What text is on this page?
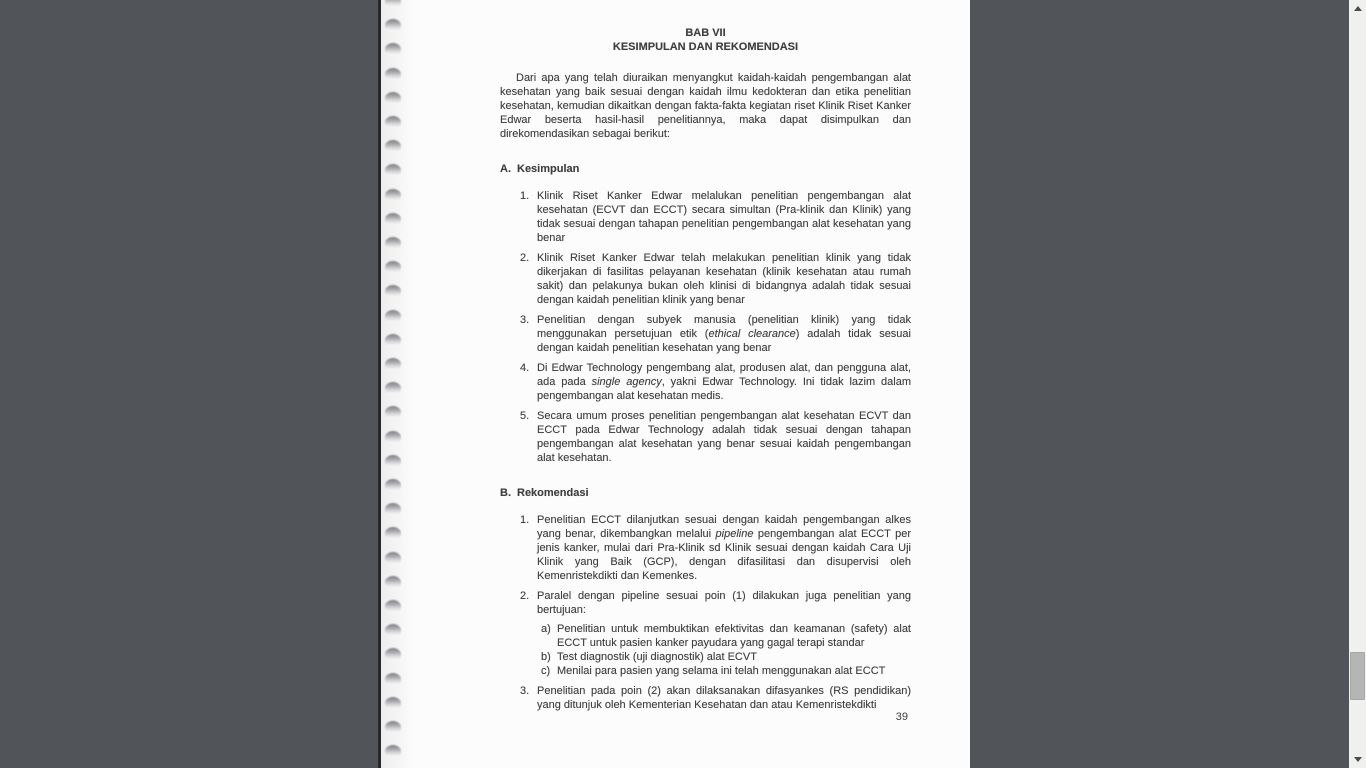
BAB VII
KESIMPULAN DAN REKOMENDASI

Dari apa yang telah diuraikan menyangkut kaidah-kaidah pengembangan alat kesehatan yang baik sesuai dengan kaidah ilmu kedokteran dan etika penelitian kesehatan, kemudian dikaitkan dengan fakta-fakta kegiatan riset Klinik Riset Kanker Edwar beserta hasil-hasil penelitiannya, maka dapat disimpulkan dan direkomendasikan sebagai berikut:

A. Kesimpulan
1. Klinik Riset Kanker Edwar melalukan penelitian pengembangan alat kesehatan (ECVT dan ECCT) secara simultan (Pra-klinik dan Klinik) yang tidak sesuai dengan tahapan penelitian pengembangan alat kesehatan yang benar
2. Klinik Riset Kanker Edwar telah melakukan penelitian klinik yang tidak dikerjakan di fasilitas pelayanan kesehatan (klinik kesehatan atau rumah sakit) dan pelakunya bukan oleh klinisi di bidangnya adalah tidak sesuai dengan kaidah penelitian klinik yang benar
3. Penelitian dengan subyek manusia (penelitian klinik) yang tidak menggunakan persetujuan etik (ethical clearance) adalah tidak sesuai dengan kaidah penelitian kesehatan yang benar
4. Di Edwar Technology pengembang alat, produsen alat, dan pengguna alat, ada pada single agency, yakni Edwar Technology. Ini tidak lazim dalam pengembangan alat kesehatan medis.
5. Secara umum proses penelitian pengembangan alat kesehatan ECVT dan ECCT pada Edwar Technology adalah tidak sesuai dengan tahapan pengembangan alat kesehatan yang benar sesuai kaidah pengembangan alat kesehatan.
B. Rekomendasi
1. Penelitian ECCT dilanjutkan sesuai dengan kaidah pengembangan alkes yang benar, dikembangkan melalui pipeline pengembangan alat ECCT per jenis kanker, mulai dari Pra-Klinik sd Klinik sesuai dengan kaidah Cara Uji Klinik yang Baik (GCP), dengan difasilitasi dan disupervisi oleh Kemenristekdikti dan Kemenkes.
2. Paralel dengan pipeline sesuai poin (1) dilakukan juga penelitian yang bertujuan:
a) Penelitian untuk membuktikan efektivitas dan keamanan (safety) alat ECCT untuk pasien kanker payudara yang gagal terapi standar
b) Test diagnostik (uji diagnostik) alat ECVT
c) Menilai para pasien yang selama ini telah menggunakan alat ECCT
3. Penelitian pada poin (2) akan dilaksanakan difasyankes (RS pendidikan) yang ditunjuk oleh Kementerian Kesehatan dan atau Kemenristekdikti
39
